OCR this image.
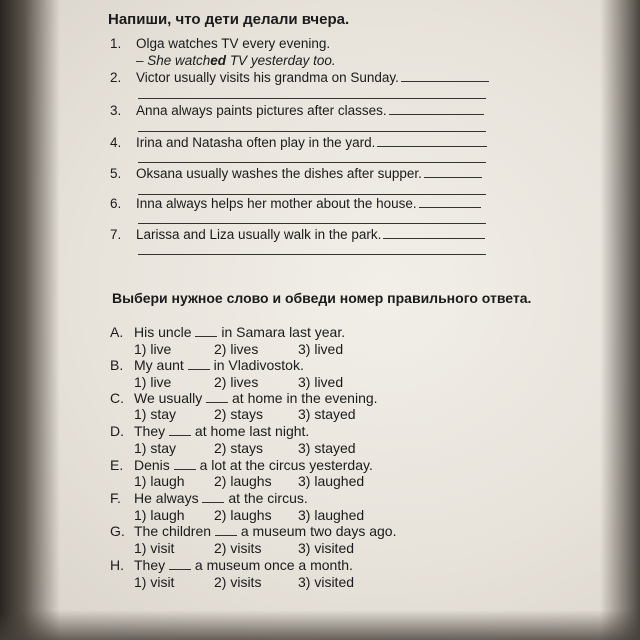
Напиши, что дети делали вчера.
1. Olga watches TV every evening.
– She watched TV yesterday too.
2. Victor usually visits his grandma on Sunday.
3. Anna always paints pictures after classes.
4. Irina and Natasha often play in the yard.
5. Oksana usually washes the dishes after supper.
6. Inna always helps her mother about the house.
7. Larissa and Liza usually walk in the park.
Выбери нужное слово и обведи номер правильного ответа.
A. His uncle in Samara last year.
1) live	2) lives	3) lived
B. My aunt in Vladivostok.
1) live	2) lives	3) lived
C. We usually at home in the evening.
1) stay	2) stays 3) stayed
D. They at home last night.
1) stay	2) stays 3) stayed
E. Denis a lot at the circus yesterday.
1) laugh 2) laughs 3) laughed
F. He always at the circus.
1) laugh 2) laughs 3) laughed
G. The children a museum two days ago.
1) visit	2) visits	3) visited
H. They a museum once a month.
1) visit	2) visits	3) visited
